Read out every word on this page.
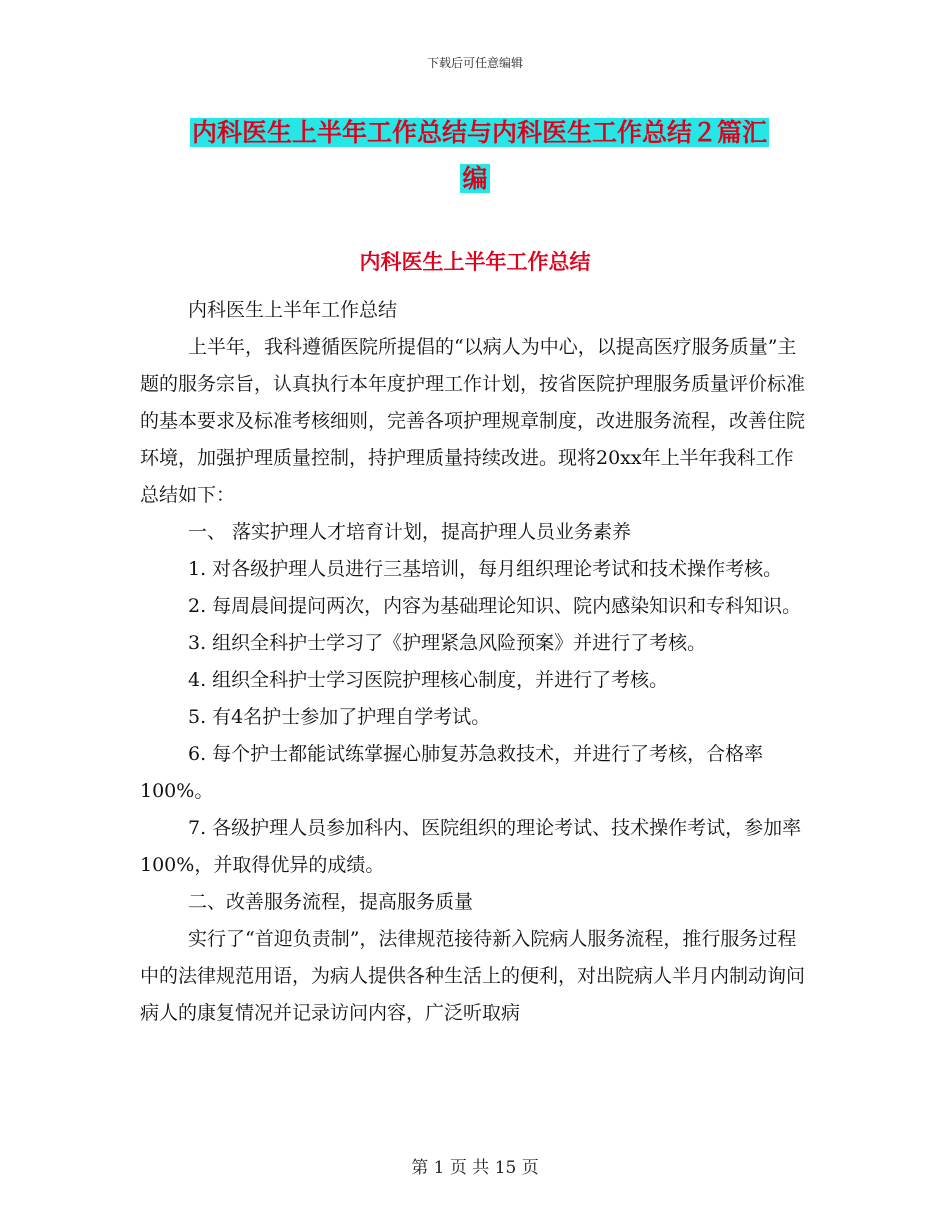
下载后可任意编辑
内科医生上半年工作总结与内科医生工作总结２篇汇
编
内科医生上半年工作总结

内科医生上半年工作总结

上半年，我科遵循医院所提倡的“以病人为中心，以提高医疗服务质量”主题的服务宗旨，认真执行本年度护理工作计划，按省医院护理服务质量评价标准的基本要求及标准考核细则，完善各项护理规章制度，改进服务流程，改善住院环境，加强护理质量控制，持护理质量持续改进。现将20xx年上半年我科工作总结如下：

一、 落实护理人才培育计划，提高护理人员业务素养

1. 对各级护理人员进行三基培训，每月组织理论考试和技术操作考核。

2. 每周晨间提问两次，内容为基础理论知识、院内感染知识和专科知识。

3. 组织全科护士学习了《护理紧急风险预案》并进行了考核。

4. 组织全科护士学习医院护理核心制度，并进行了考核。

5. 有4名护士参加了护理自学考试。

6. 每个护士都能试练掌握心肺复苏急救技术，并进行了考核，合格率100%。

7. 各级护理人员参加科内、医院组织的理论考试、技术操作考试，参加率100%，并取得优异的成绩。

二、改善服务流程，提高服务质量

实行了“首迎负责制”，法律规范接待新入院病人服务流程，推行服务过程中的法律规范用语，为病人提供各种生活上的便利，对出院病人半月内制动询问病人的康复情况并记录访问内容，广泛听取病

第 1 页 共 15 页
